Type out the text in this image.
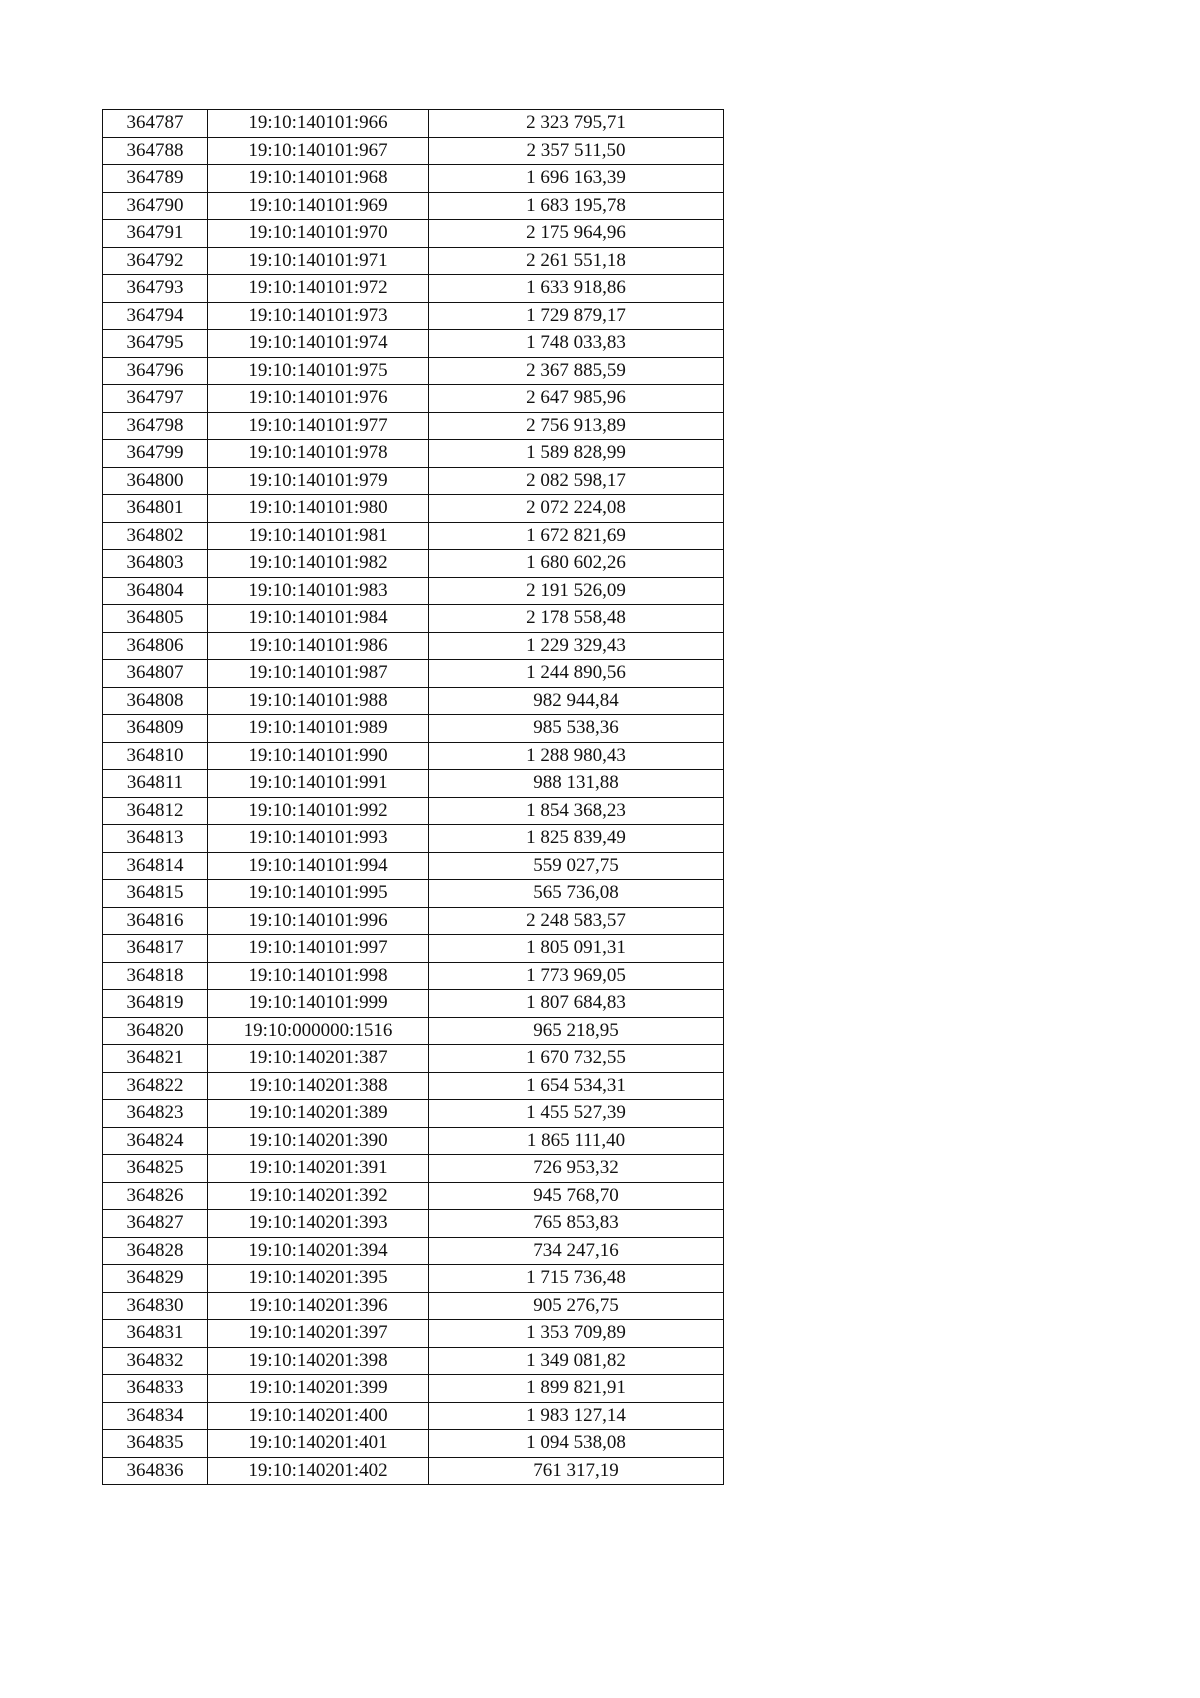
364787	19:10:140101:966	2 323 795,71
364788	19:10:140101:967	2 357 511,50
364789	19:10:140101:968	1 696 163,39
364790	19:10:140101:969	1 683 195,78
364791	19:10:140101:970	2 175 964,96
364792	19:10:140101:971	2 261 551,18
364793	19:10:140101:972	1 633 918,86
364794	19:10:140101:973	1 729 879,17
364795	19:10:140101:974	1 748 033,83
364796	19:10:140101:975	2 367 885,59
364797	19:10:140101:976	2 647 985,96
364798	19:10:140101:977	2 756 913,89
364799	19:10:140101:978	1 589 828,99
364800	19:10:140101:979	2 082 598,17
364801	19:10:140101:980	2 072 224,08
364802	19:10:140101:981	1 672 821,69
364803	19:10:140101:982	1 680 602,26
364804	19:10:140101:983	2 191 526,09
364805	19:10:140101:984	2 178 558,48
364806	19:10:140101:986	1 229 329,43
364807	19:10:140101:987	1 244 890,56
364808	19:10:140101:988	982 944,84
364809	19:10:140101:989	985 538,36
364810	19:10:140101:990	1 288 980,43
364811	19:10:140101:991	988 131,88
364812	19:10:140101:992	1 854 368,23
364813	19:10:140101:993	1 825 839,49
364814	19:10:140101:994	559 027,75
364815	19:10:140101:995	565 736,08
364816	19:10:140101:996	2 248 583,57
364817	19:10:140101:997	1 805 091,31
364818	19:10:140101:998	1 773 969,05
364819	19:10:140101:999	1 807 684,83
364820	19:10:000000:1516	965 218,95
364821	19:10:140201:387	1 670 732,55
364822	19:10:140201:388	1 654 534,31
364823	19:10:140201:389	1 455 527,39
364824	19:10:140201:390	1 865 111,40
364825	19:10:140201:391	726 953,32
364826	19:10:140201:392	945 768,70
364827	19:10:140201:393	765 853,83
364828	19:10:140201:394	734 247,16
364829	19:10:140201:395	1 715 736,48
364830	19:10:140201:396	905 276,75
364831	19:10:140201:397	1 353 709,89
364832	19:10:140201:398	1 349 081,82
364833	19:10:140201:399	1 899 821,91
364834	19:10:140201:400	1 983 127,14
364835	19:10:140201:401	1 094 538,08
364836	19:10:140201:402	761 317,19
